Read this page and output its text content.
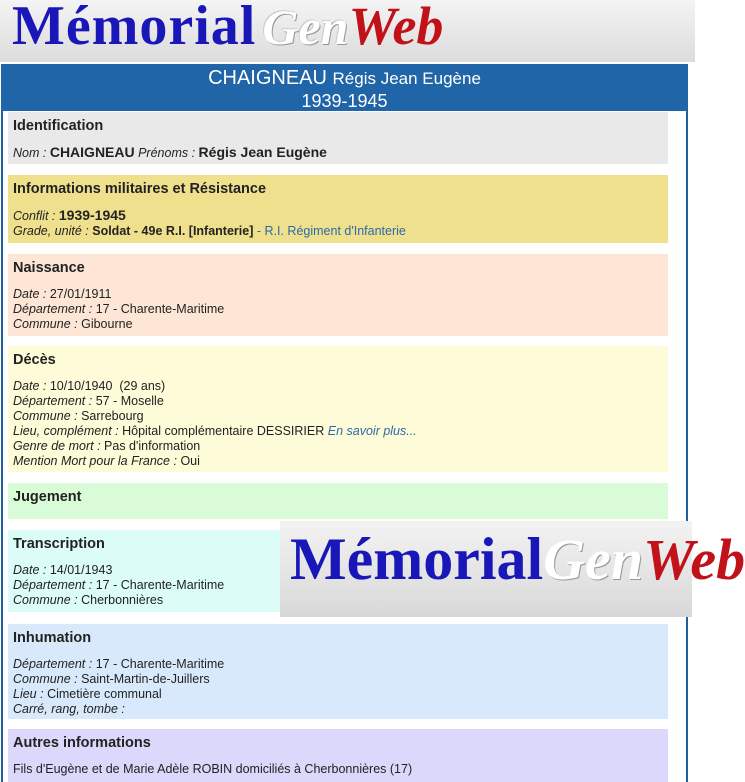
Mémorial GenWeb
CHAIGNEAU Régis Jean Eugène
1939-1945
Identification
Nom : CHAIGNEAU Prénoms : Régis Jean Eugène
Informations militaires et Résistance
Conflit : 1939-1945
Grade, unité : Soldat - 49e R.I. [Infanterie] - R.I. Régiment d'Infanterie
Naissance
Date : 27/01/1911
Département : 17 - Charente-Maritime
Commune : Gibourne
Décès
Date : 10/10/1940  (29 ans)
Département : 57 - Moselle
Commune : Sarrebourg
Lieu, complément : Hôpital complémentaire DESSIRIER En savoir plus...
Genre de mort : Pas d'information
Mention Mort pour la France : Oui
Jugement
Transcription
Date : 14/01/1943
Département : 17 - Charente-Maritime
Commune : Cherbonnières
Inhumation
Département : 17 - Charente-Maritime
Commune : Saint-Martin-de-Juillers
Lieu : Cimetière communal
Carré, rang, tombe :
Autres informations
Fils d'Eugène et de Marie Adèle ROBIN domiciliés à Cherbonnières (17)
MémorialGenWeb
